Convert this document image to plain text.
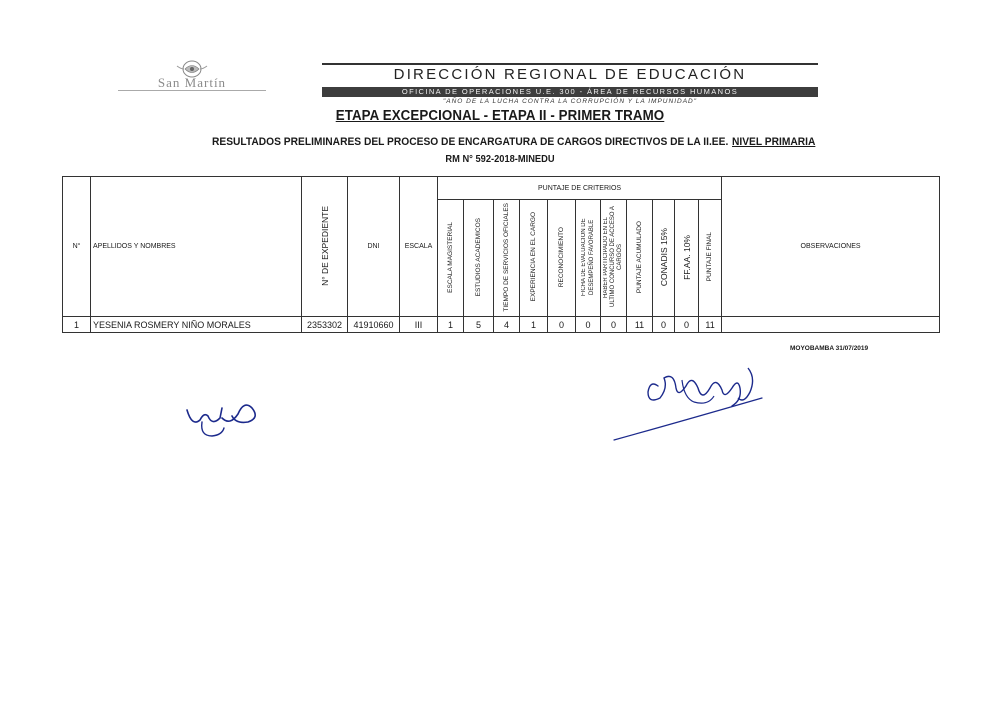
San Martín	DIRECCIÓN REGIONAL DE EDUCACIÓN
OFICINA DE OPERACIONES U.E. 300 - ÁREA DE RECURSOS HUMANOS
"AÑO DE LA LUCHA CONTRA LA CORRUPCIÓN Y LA IMPUNIDAD"
ETAPA EXCEPCIONAL - ETAPA II - PRIMER TRAMO
RESULTADOS PRELIMINARES DEL PROCESO DE ENCARGATURA DE CARGOS DIRECTIVOS DE LA II.EE. NIVEL PRIMARIA
RM N° 592-2018-MINEDU
N°	APELLIDOS Y NOMBRES	N° DE EXPEDIENTE	DNI	ESCALA	PUNTAJE DE CRITERIOS											OBSERVACIONES
					ESCALA MAGISTERIAL	ESTUDIOS ACADEMICOS	TIEMPO DE SERVICIOS OFICIALES	EXPERIENCIA EN EL CARGO	RECONOCIMIENTO	FICHA DE EVALUACION DE DESEMPEÑO FAVORABLE	HABER PARTICIPADO EN EL ULTIMO CONCURSO DE ACCESO A CARGOS	PUNTAJE ACUMULADO	CONADIS 15%	FF.AA. 10%	PUNTAJE FINAL	
1	YESENIA ROSMERY NIÑO MORALES	2353302	41910660	III	1	5	4	1	0	0	0	11	0	0	11	
MOYOBAMBA 31/07/2019
